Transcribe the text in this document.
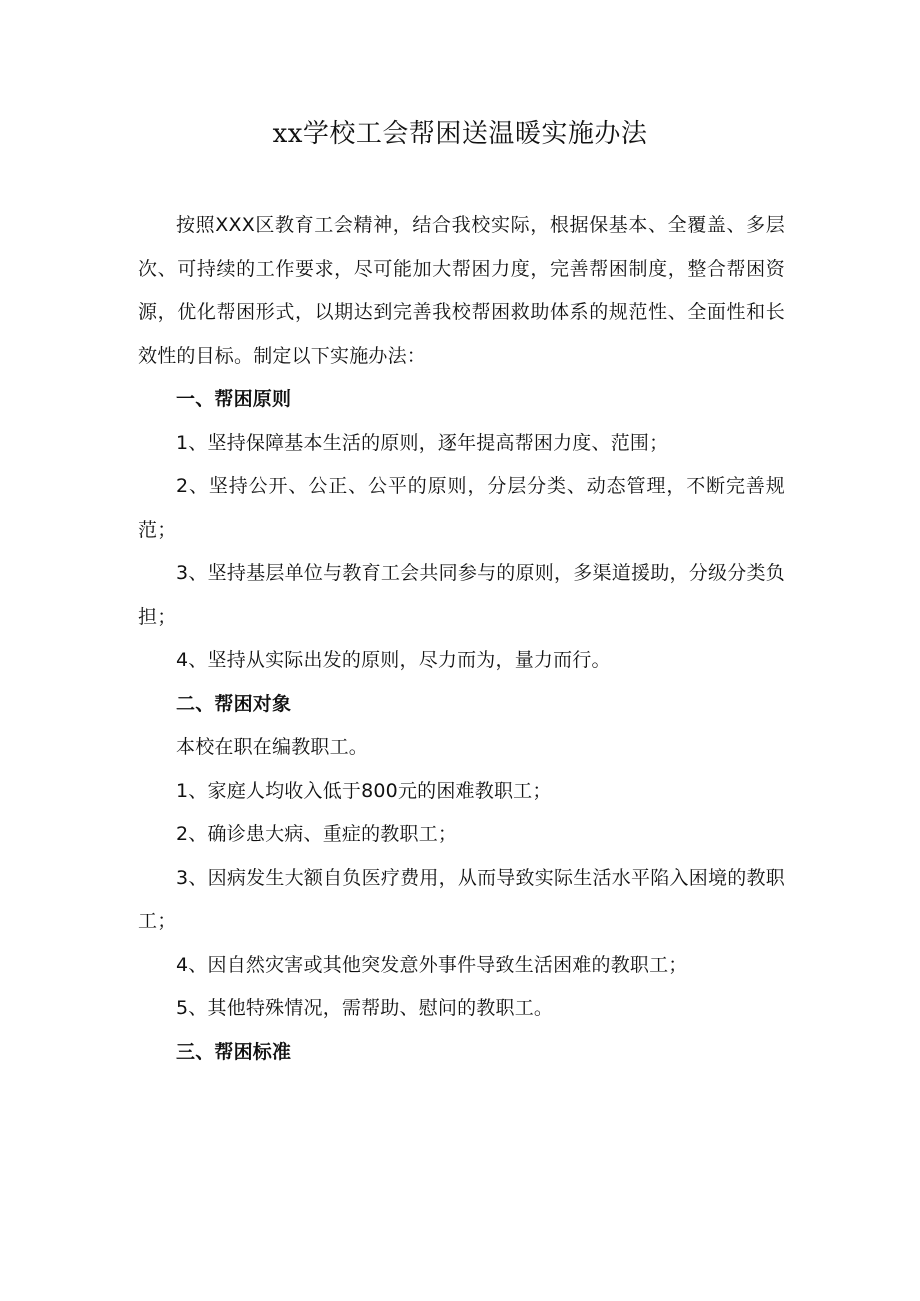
xx学校工会帮困送温暖实施办法

按照XXX区教育工会精神，结合我校实际，根据保基本、全覆盖、多层次、可持续的工作要求，尽可能加大帮困力度，完善帮困制度，整合帮困资源，优化帮困形式，以期达到完善我校帮困救助体系的规范性、全面性和长效性的目标。制定以下实施办法：

一、帮困原则

1、坚持保障基本生活的原则，逐年提高帮困力度、范围；

2、坚持公开、公正、公平的原则，分层分类、动态管理，不断完善规范；

3、坚持基层单位与教育工会共同参与的原则，多渠道援助，分级分类负担；

4、坚持从实际出发的原则，尽力而为，量力而行。

二、帮困对象

本校在职在编教职工。

1、家庭人均收入低于800元的困难教职工；

2、确诊患大病、重症的教职工；

3、因病发生大额自负医疗费用，从而导致实际生活水平陷入困境的教职工；

4、因自然灾害或其他突发意外事件导致生活困难的教职工；

5、其他特殊情况，需帮助、慰问的教职工。

三、帮困标准
